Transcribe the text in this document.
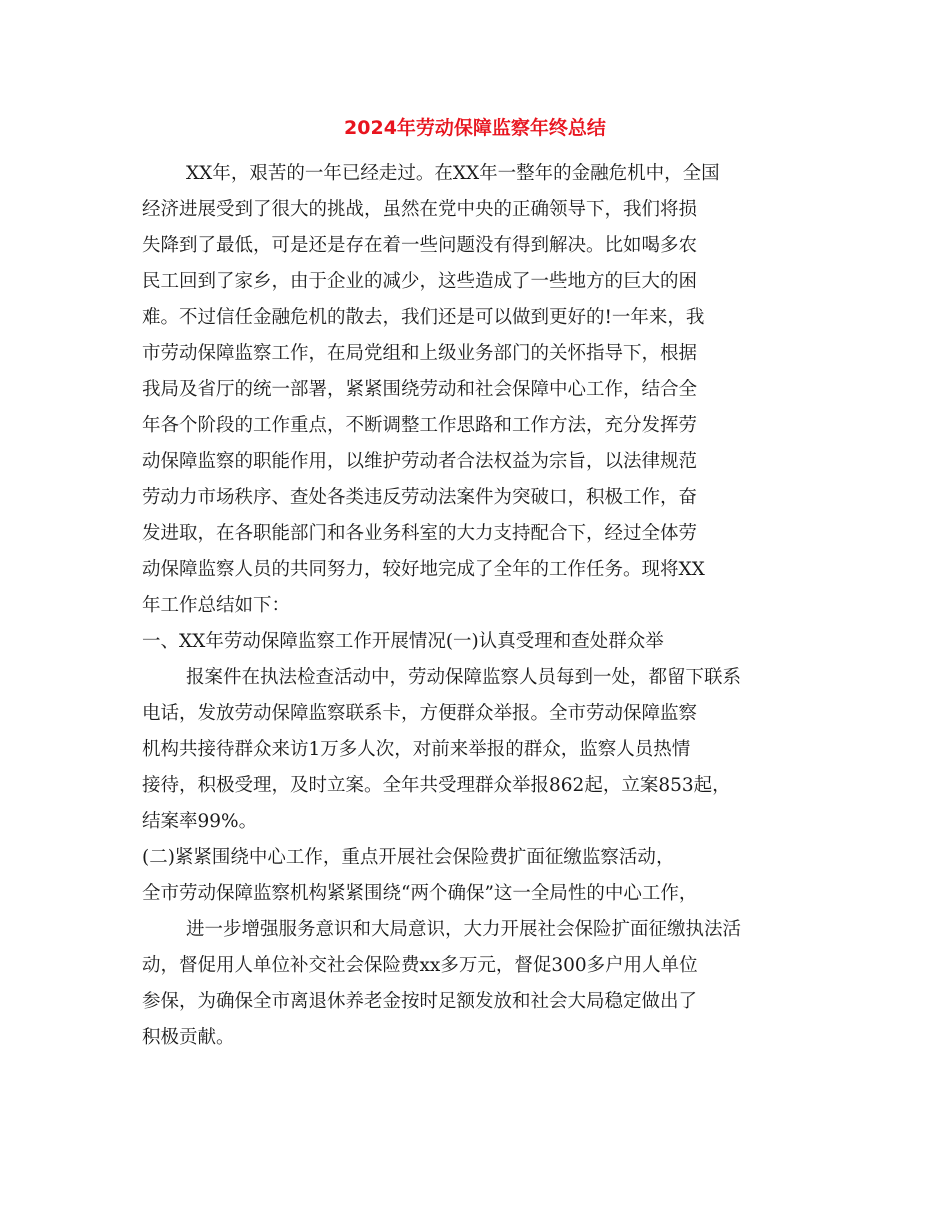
2024年劳动保障监察年终总结
XX年，艰苦的一年已经走过。在XX年一整年的金融危机中，全国
经济进展受到了很大的挑战，虽然在党中央的正确领导下，我们将损
失降到了最低，可是还是存在着一些问题没有得到解决。比如喝多农
民工回到了家乡，由于企业的减少，这些造成了一些地方的巨大的困
难。不过信任金融危机的散去，我们还是可以做到更好的!一年来，我
市劳动保障监察工作，在局党组和上级业务部门的关怀指导下，根据
我局及省厅的统一部署，紧紧围绕劳动和社会保障中心工作，结合全
年各个阶段的工作重点，不断调整工作思路和工作方法，充分发挥劳
动保障监察的职能作用，以维护劳动者合法权益为宗旨，以法律规范
劳动力市场秩序、查处各类违反劳动法案件为突破口，积极工作，奋
发进取，在各职能部门和各业务科室的大力支持配合下，经过全体劳
动保障监察人员的共同努力，较好地完成了全年的工作任务。现将XX
年工作总结如下：
一、XX年劳动保障监察工作开展情况(一)认真受理和查处群众举
报案件在执法检查活动中，劳动保障监察人员每到一处，都留下联系
电话，发放劳动保障监察联系卡，方便群众举报。全市劳动保障监察
机构共接待群众来访1万多人次，对前来举报的群众，监察人员热情
接待，积极受理，及时立案。全年共受理群众举报862起，立案853起，
结案率99%。
(二)紧紧围绕中心工作，重点开展社会保险费扩面征缴监察活动，
全市劳动保障监察机构紧紧围绕“两个确保”这一全局性的中心工作，
进一步增强服务意识和大局意识，大力开展社会保险扩面征缴执法活
动，督促用人单位补交社会保险费xx多万元，督促300多户用人单位
参保，为确保全市离退休养老金按时足额发放和社会大局稳定做出了
积极贡献。
